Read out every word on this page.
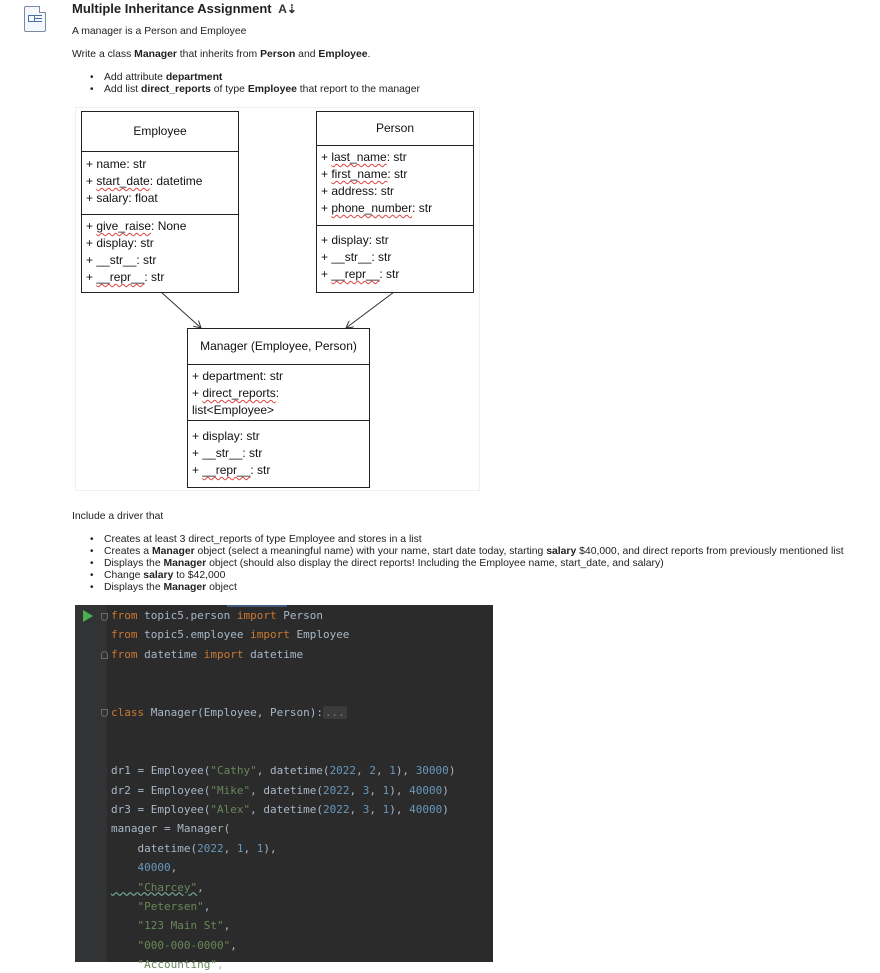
Multiple Inheritance Assignment A⇣
A manager is a Person and Employee
Write a class Manager that inherits from Person and Employee.
• Add attribute department
• Add list direct_reports of type Employee that report to the manager
Employee
+ name: str
+ start_date: datetime
+ salary: float
+ give_raise: None
+ display: str
+ __str__: str
+ __repr__: str
Person
+ last_name: str
+ first_name: str
+ address: str
+ phone_number: str
+ display: str
+ __str__: str
+ __repr__: str
Manager (Employee, Person)
+ department: str
+ direct_reports:
list<Employee>
+ display: str
+ __str__: str
+ __repr__: str
Include a driver that
• Creates at least 3 direct_reports of type Employee and stores in a list
• Creates a Manager object (select a meaningful name) with your name, start date today, starting salary $40,000, and direct reports from previously mentioned list
• Displays the Manager object (should also display the direct reports! Including the Employee name, start_date, and salary)
• Change salary to $42,000
• Displays the Manager object
from topic5.person import Person
from topic5.employee import Employee
from datetime import datetime
class Manager(Employee, Person): ...
dr1 = Employee("Cathy", datetime(2022, 2, 1), 30000)
dr2 = Employee("Mike", datetime(2022, 3, 1), 40000)
dr3 = Employee("Alex", datetime(2022, 3, 1), 40000)
manager = Manager(
datetime(2022, 1, 1),
40000,
"Charcey",
"Petersen",
"123 Main St",
"000-000-0000",
"Accounting",
